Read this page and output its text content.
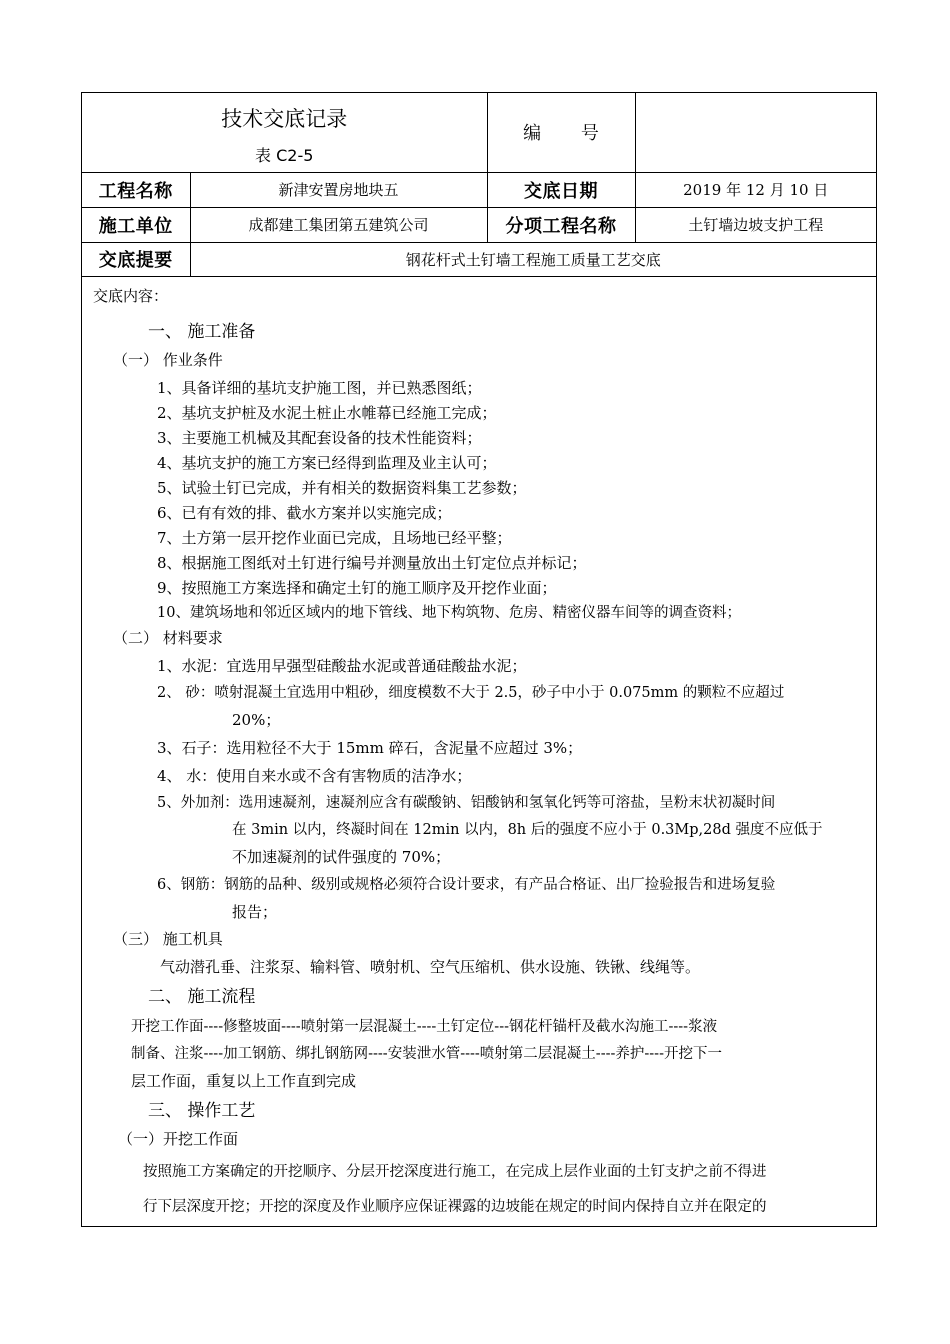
技术交底记录
表 C2-5		编 号	
工程名称	新津安置房地块五	交底日期	2019 年 12 月 10 日
施工单位	成都建工集团第五建筑公司	分项工程名称	土钉墙边坡支护工程
交底提要	钢花杆式土钉墙工程施工质量工艺交底		
交底内容：
一、 施工准备
（一） 作业条件
1、具备详细的基坑支护施工图，并已熟悉图纸；
2、基坑支护桩及水泥土桩止水帷幕已经施工完成；
3、主要施工机械及其配套设备的技术性能资料；
4、基坑支护的施工方案已经得到监理及业主认可；
5、试验土钉已完成，并有相关的数据资料集工艺参数；
6、已有有效的排、截水方案并以实施完成；
7、土方第一层开挖作业面已完成，且场地已经平整；
8、根据施工图纸对土钉进行编号并测量放出土钉定位点并标记；
9、按照施工方案选择和确定土钉的施工顺序及开挖作业面；
10、建筑场地和邻近区域内的地下管线、地下构筑物、危房、精密仪器车间等的调查资料；
（二） 材料要求
1、水泥：宜选用早强型硅酸盐水泥或普通硅酸盐水泥；
2、 砂：喷射混凝土宜选用中粗砂，细度模数不大于 2.5，砂子中小于 0.075mm 的颗粒不应超过
20%；
3、石子：选用粒径不大于 15mm 碎石，含泥量不应超过 3%；
4、 水：使用自来水或不含有害物质的洁净水；
5、外加剂：选用速凝剂，速凝剂应含有碳酸钠、铝酸钠和氢氧化钙等可溶盐，呈粉末状初凝时间
在 3min 以内，终凝时间在 12min 以内，8h 后的强度不应小于 0.3Mp,28d 强度不应低于
不加速凝剂的试件强度的 70%；
6、钢筋：钢筋的品种、级别或规格必须符合设计要求，有产品合格证、出厂捡验报告和进场复验
报告；
（三） 施工机具
气动潜孔垂、注浆泵、输料管、喷射机、空气压缩机、供水设施、铁锹、线绳等。
二、 施工流程
开挖工作面----修整坡面----喷射第一层混凝土----土钉定位---钢花杆锚杆及截水沟施工----浆液
制备、注浆----加工钢筋、绑扎钢筋网----安装泄水管----喷射第二层混凝土----养护----开挖下一
层工作面，重复以上工作直到完成
三、 操作工艺
（一）开挖工作面
按照施工方案确定的开挖顺序、分层开挖深度进行施工，在完成上层作业面的土钉支护之前不得进
行下层深度开挖；开挖的深度及作业顺序应保证裸露的边坡能在规定的时间内保持自立并在限定的
